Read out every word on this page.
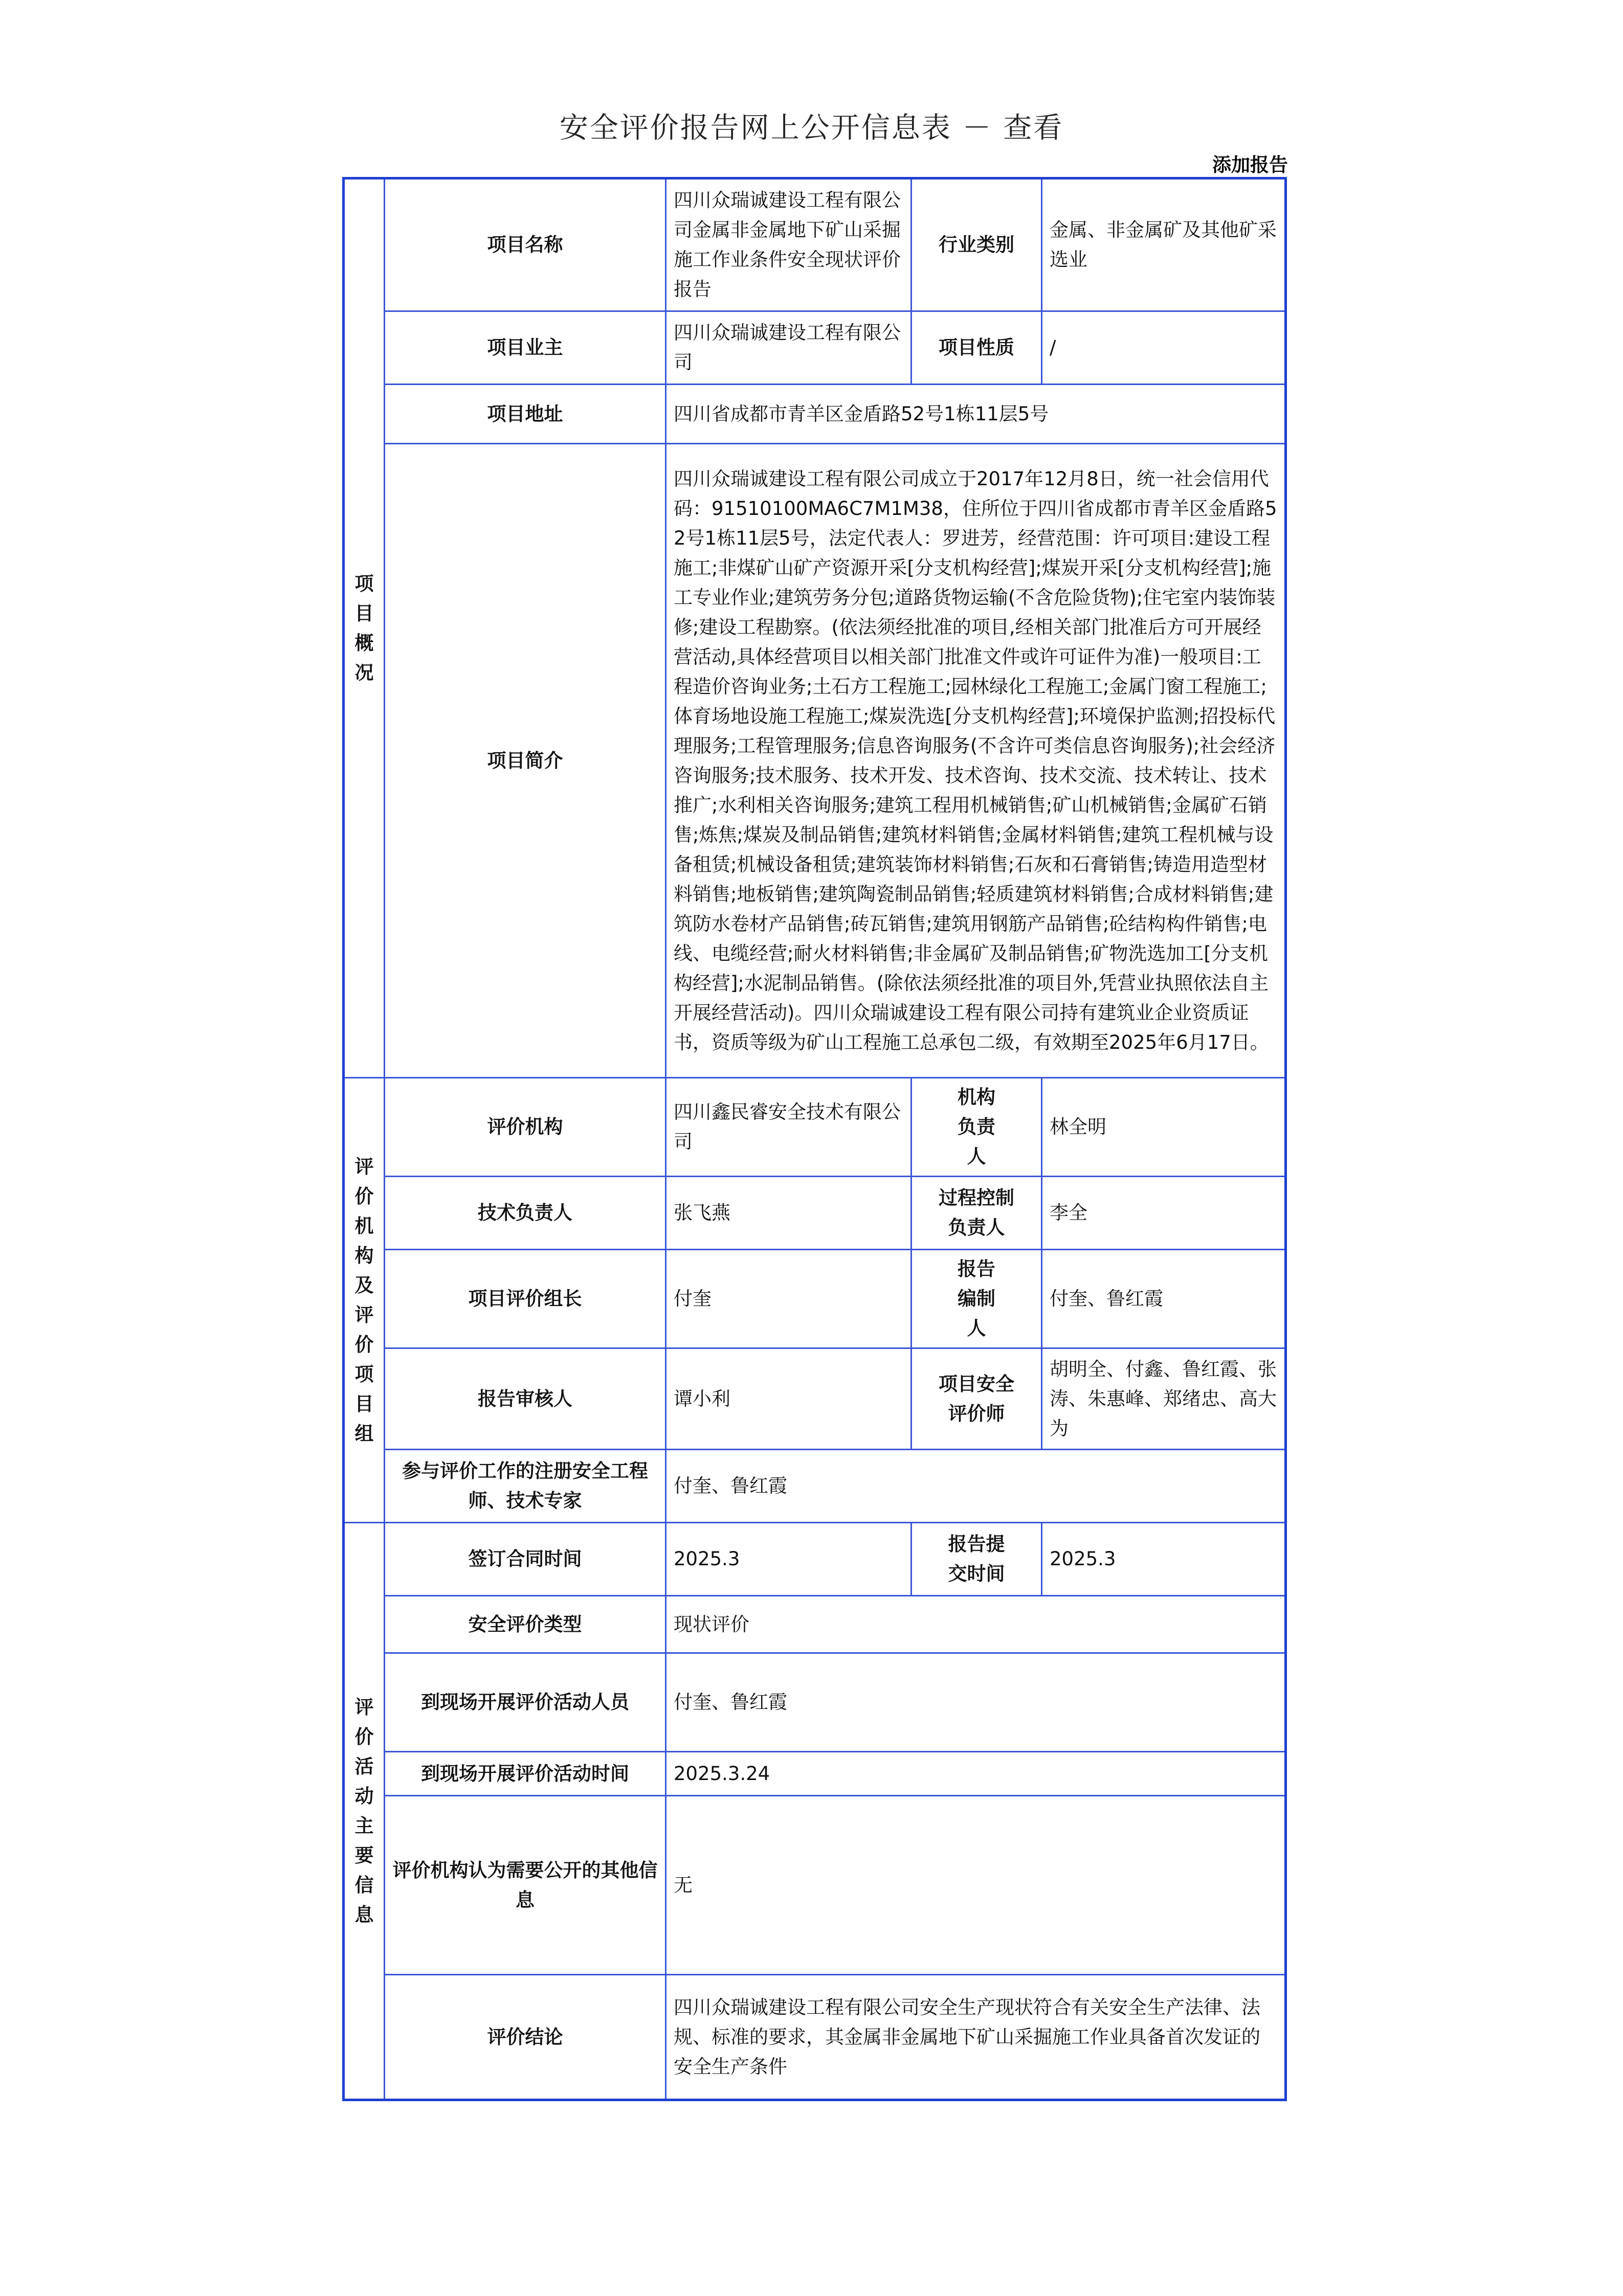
安全评价报告网上公开信息表 － 查看
添加报告
项目概况	项目名称	四川众瑞诚建设工程有限公司金属非金属地下矿山采掘施工作业条件安全现状评价报告	行业类别	金属、非金属矿及其他矿采选业
	项目业主	四川众瑞诚建设工程有限公司	项目性质	/
	项目地址	四川省成都市青羊区金盾路52号1栋11层5号		
	项目简介	四川众瑞诚建设工程有限公司成立于2017年12月8日，统一社会信用代码：91510100MA6C7M1M38，住所位于四川省成都市青羊区金盾路52号1栋11层5号，法定代表人：罗进芳，经营范围：许可项目:建设工程施工;非煤矿山矿产资源开采[分支机构经营];煤炭开采[分支机构经营];施工专业作业;建筑劳务分包;道路货物运输(不含危险货物);住宅室内装饰装修;建设工程勘察。(依法须经批准的项目,经相关部门批准后方可开展经营活动,具体经营项目以相关部门批准文件或许可证件为准)一般项目:工程造价咨询业务;土石方工程施工;园林绿化工程施工;金属门窗工程施工;体育场地设施工程施工;煤炭洗选[分支机构经营];环境保护监测;招投标代理服务;工程管理服务;信息咨询服务(不含许可类信息咨询服务);社会经济咨询服务;技术服务、技术开发、技术咨询、技术交流、技术转让、技术推广;水利相关咨询服务;建筑工程用机械销售;矿山机械销售;金属矿石销售;炼焦;煤炭及制品销售;建筑材料销售;金属材料销售;建筑工程机械与设备租赁;机械设备租赁;建筑装饰材料销售;石灰和石膏销售;铸造用造型材料销售;地板销售;建筑陶瓷制品销售;轻质建筑材料销售;合成材料销售;建筑防水卷材产品销售;砖瓦销售;建筑用钢筋产品销售;砼结构构件销售;电线、电缆经营;耐火材料销售;非金属矿及制品销售;矿物洗选加工[分支机构经营];水泥制品销售。(除依法须经批准的项目外,凭营业执照依法自主开展经营活动)。四川众瑞诚建设工程有限公司持有建筑业企业资质证书，资质等级为矿山工程施工总承包二级，有效期至2025年6月17日。		

评价机构及评价项目组	评价机构	四川鑫民睿安全技术有限公司	机构负责人	林全明
	技术负责人	张飞燕	过程控制负责人	李全
	项目评价组长	付奎	报告编制人	付奎、鲁红霞
	报告审核人	谭小利	项目安全评价师	胡明全、付鑫、鲁红霞、张涛、朱惠峰、郑绪忠、高大为
	参与评价工作的注册安全工程师、技术专家	付奎、鲁红霞		

评价活动主要信息	签订合同时间	2025.3	报告提交时间	2025.3
	安全评价类型	现状评价		
	到现场开展评价活动人员	付奎、鲁红霞		
	到现场开展评价活动时间	2025.3.24		
	评价机构认为需要公开的其他信息	无		
	评价结论	四川众瑞诚建设工程有限公司安全生产现状符合有关安全生产法律、法规、标准的要求，其金属非金属地下矿山采掘施工作业具备首次发证的安全生产条件		
